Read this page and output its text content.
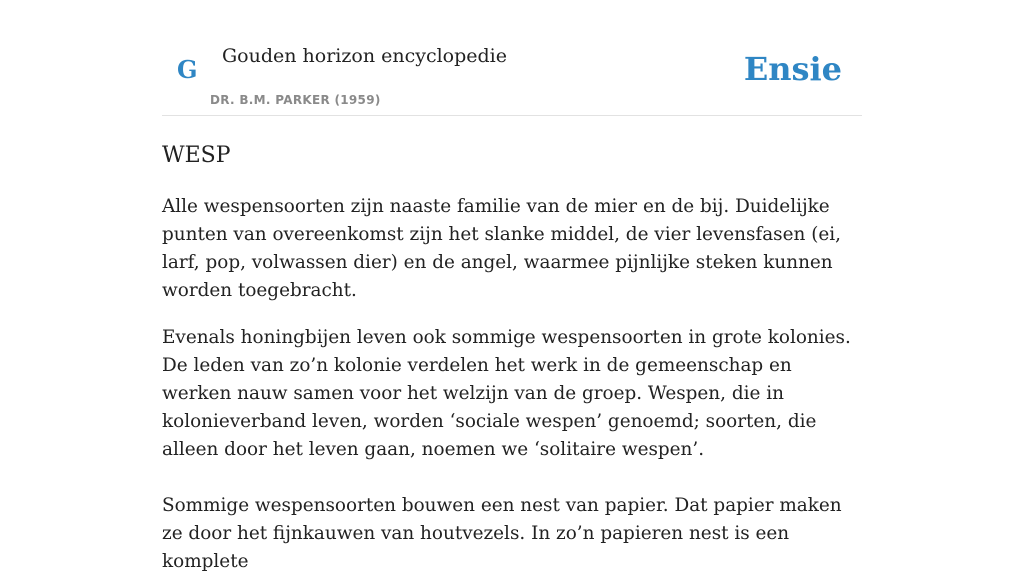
G Gouden horizon encyclopedie
DR. B.M. PARKER (1959)
Ensie
WESP

Alle wespensoorten zijn naaste familie van de mier en de bij. Duidelijke punten van overeenkomst zijn het slanke middel, de vier levensfasen (ei, larf, pop, volwassen dier) en de angel, waarmee pijnlijke steken kunnen worden toegebracht.

Evenals honingbijen leven ook sommige wespensoorten in grote kolonies. De leden van zo’n kolonie verdelen het werk in de gemeenschap en werken nauw samen voor het welzijn van de groep. Wespen, die in kolonieverband leven, worden ‘sociale wespen’ genoemd; soorten, die alleen door het leven gaan, noemen we ‘solitaire wespen’.

Sommige wespensoorten bouwen een nest van papier. Dat papier maken ze door het fijnkauwen van houtvezels. In zo’n papieren nest is een komplete
